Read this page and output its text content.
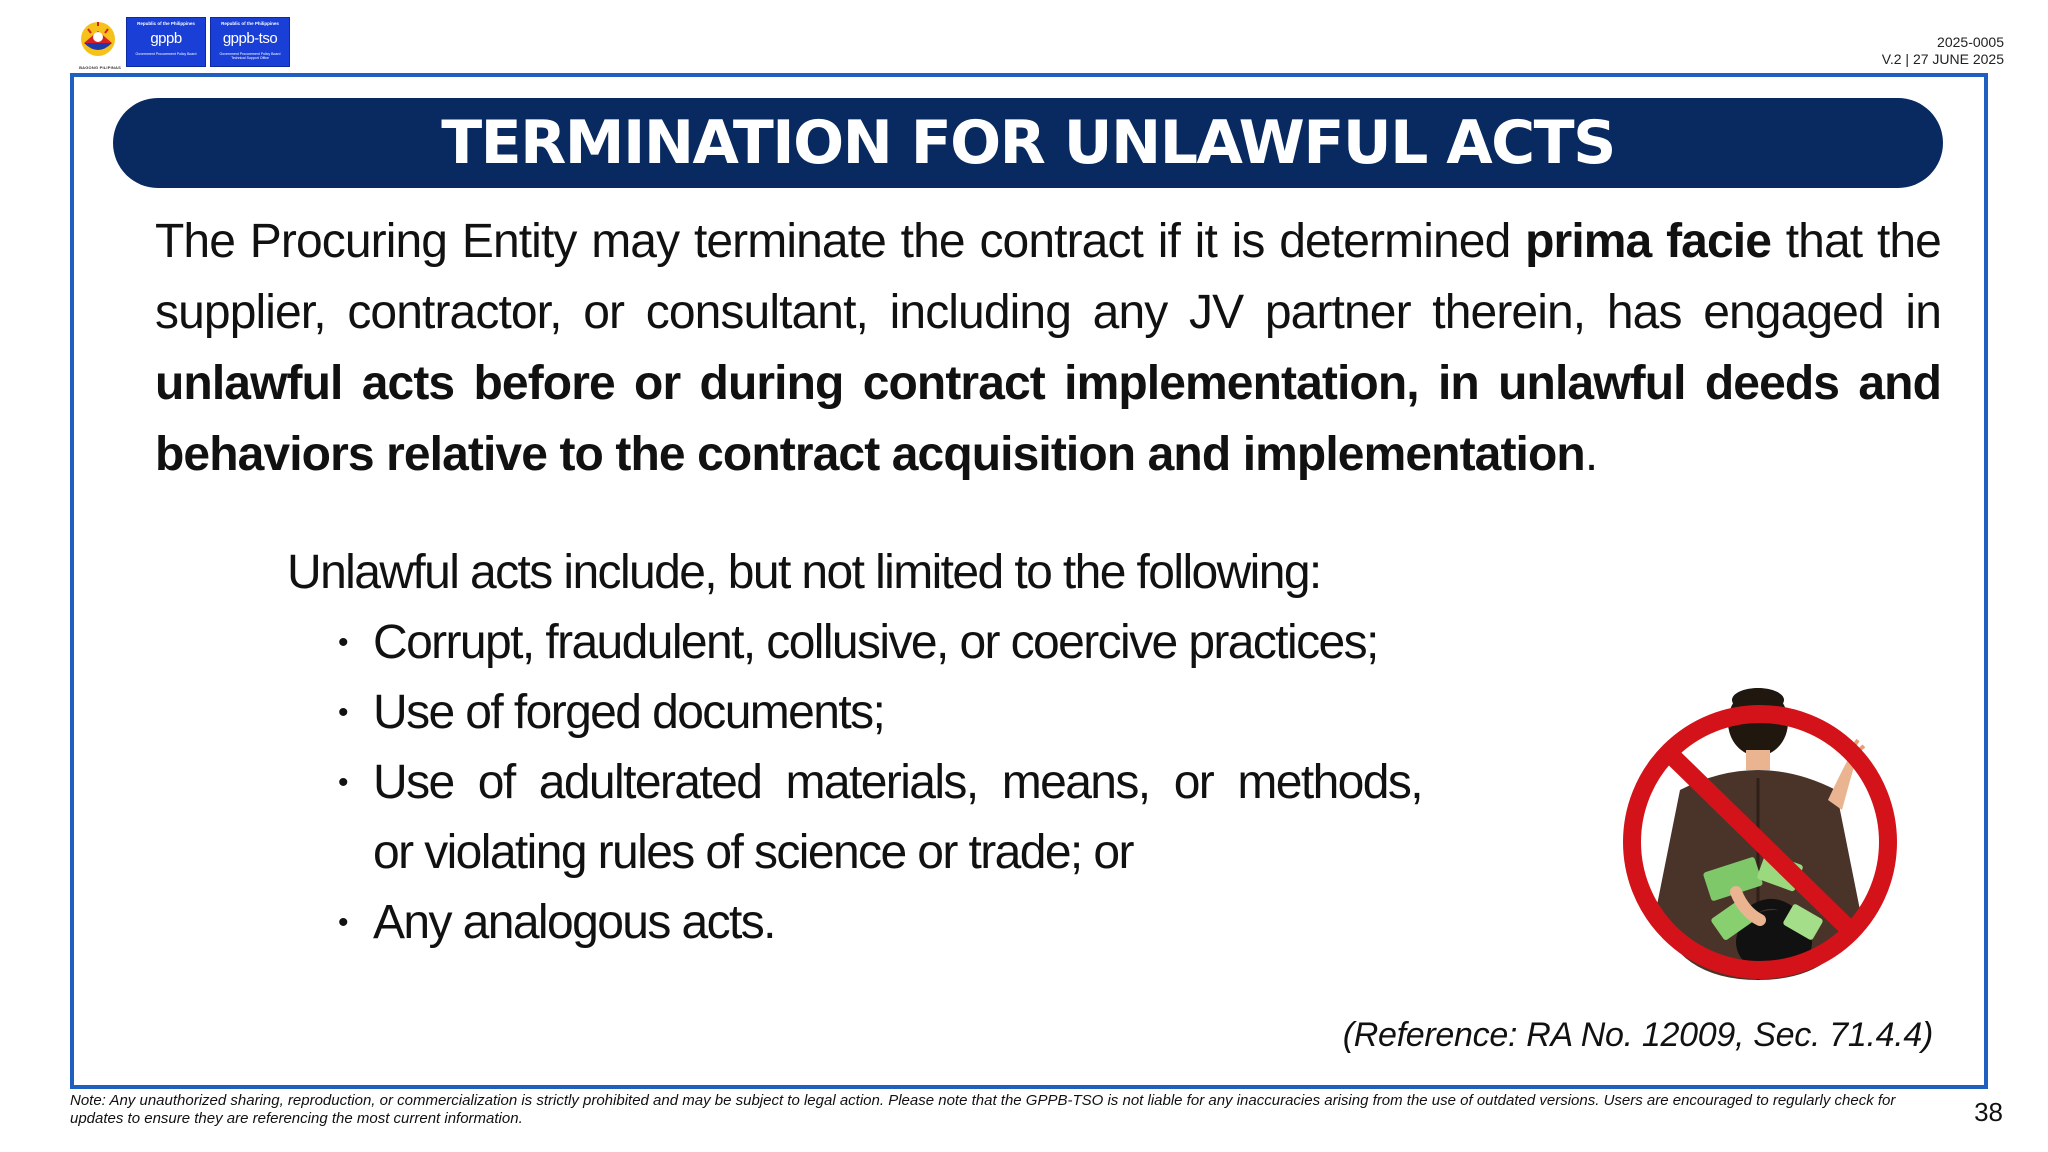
BAGONG PILIPINAS
Republic of the Philippines
gppb
Government Procurement Policy Board
Republic of the Philippines
gppb-tso
Government Procurement Policy Board
Technical Support Office
2025-0005
V.2 | 27 JUNE 2025
TERMINATION FOR UNLAWFUL ACTS
The Procuring Entity may terminate the contract if it is determined prima facie that the supplier, contractor, or consultant, including any JV partner therein, has engaged in unlawful acts before or during contract implementation, in unlawful deeds and behaviors relative to the contract acquisition and implementation.
Unlawful acts include, but not limited to the following:
• Corrupt, fraudulent, collusive, or coercive practices;
• Use of forged documents;
• Use of adulterated materials, means, or methods,
or violating rules of science or trade; or
• Any analogous acts.
(Reference: RA No. 12009, Sec. 71.4.4)
Note: Any unauthorized sharing, reproduction, or commercialization is strictly prohibited and may be subject to legal action. Please note that the GPPB-TSO is not liable for any inaccuracies arising from the use of outdated versions. Users are encouraged to regularly check for updates to ensure they are referencing the most current information.	38
